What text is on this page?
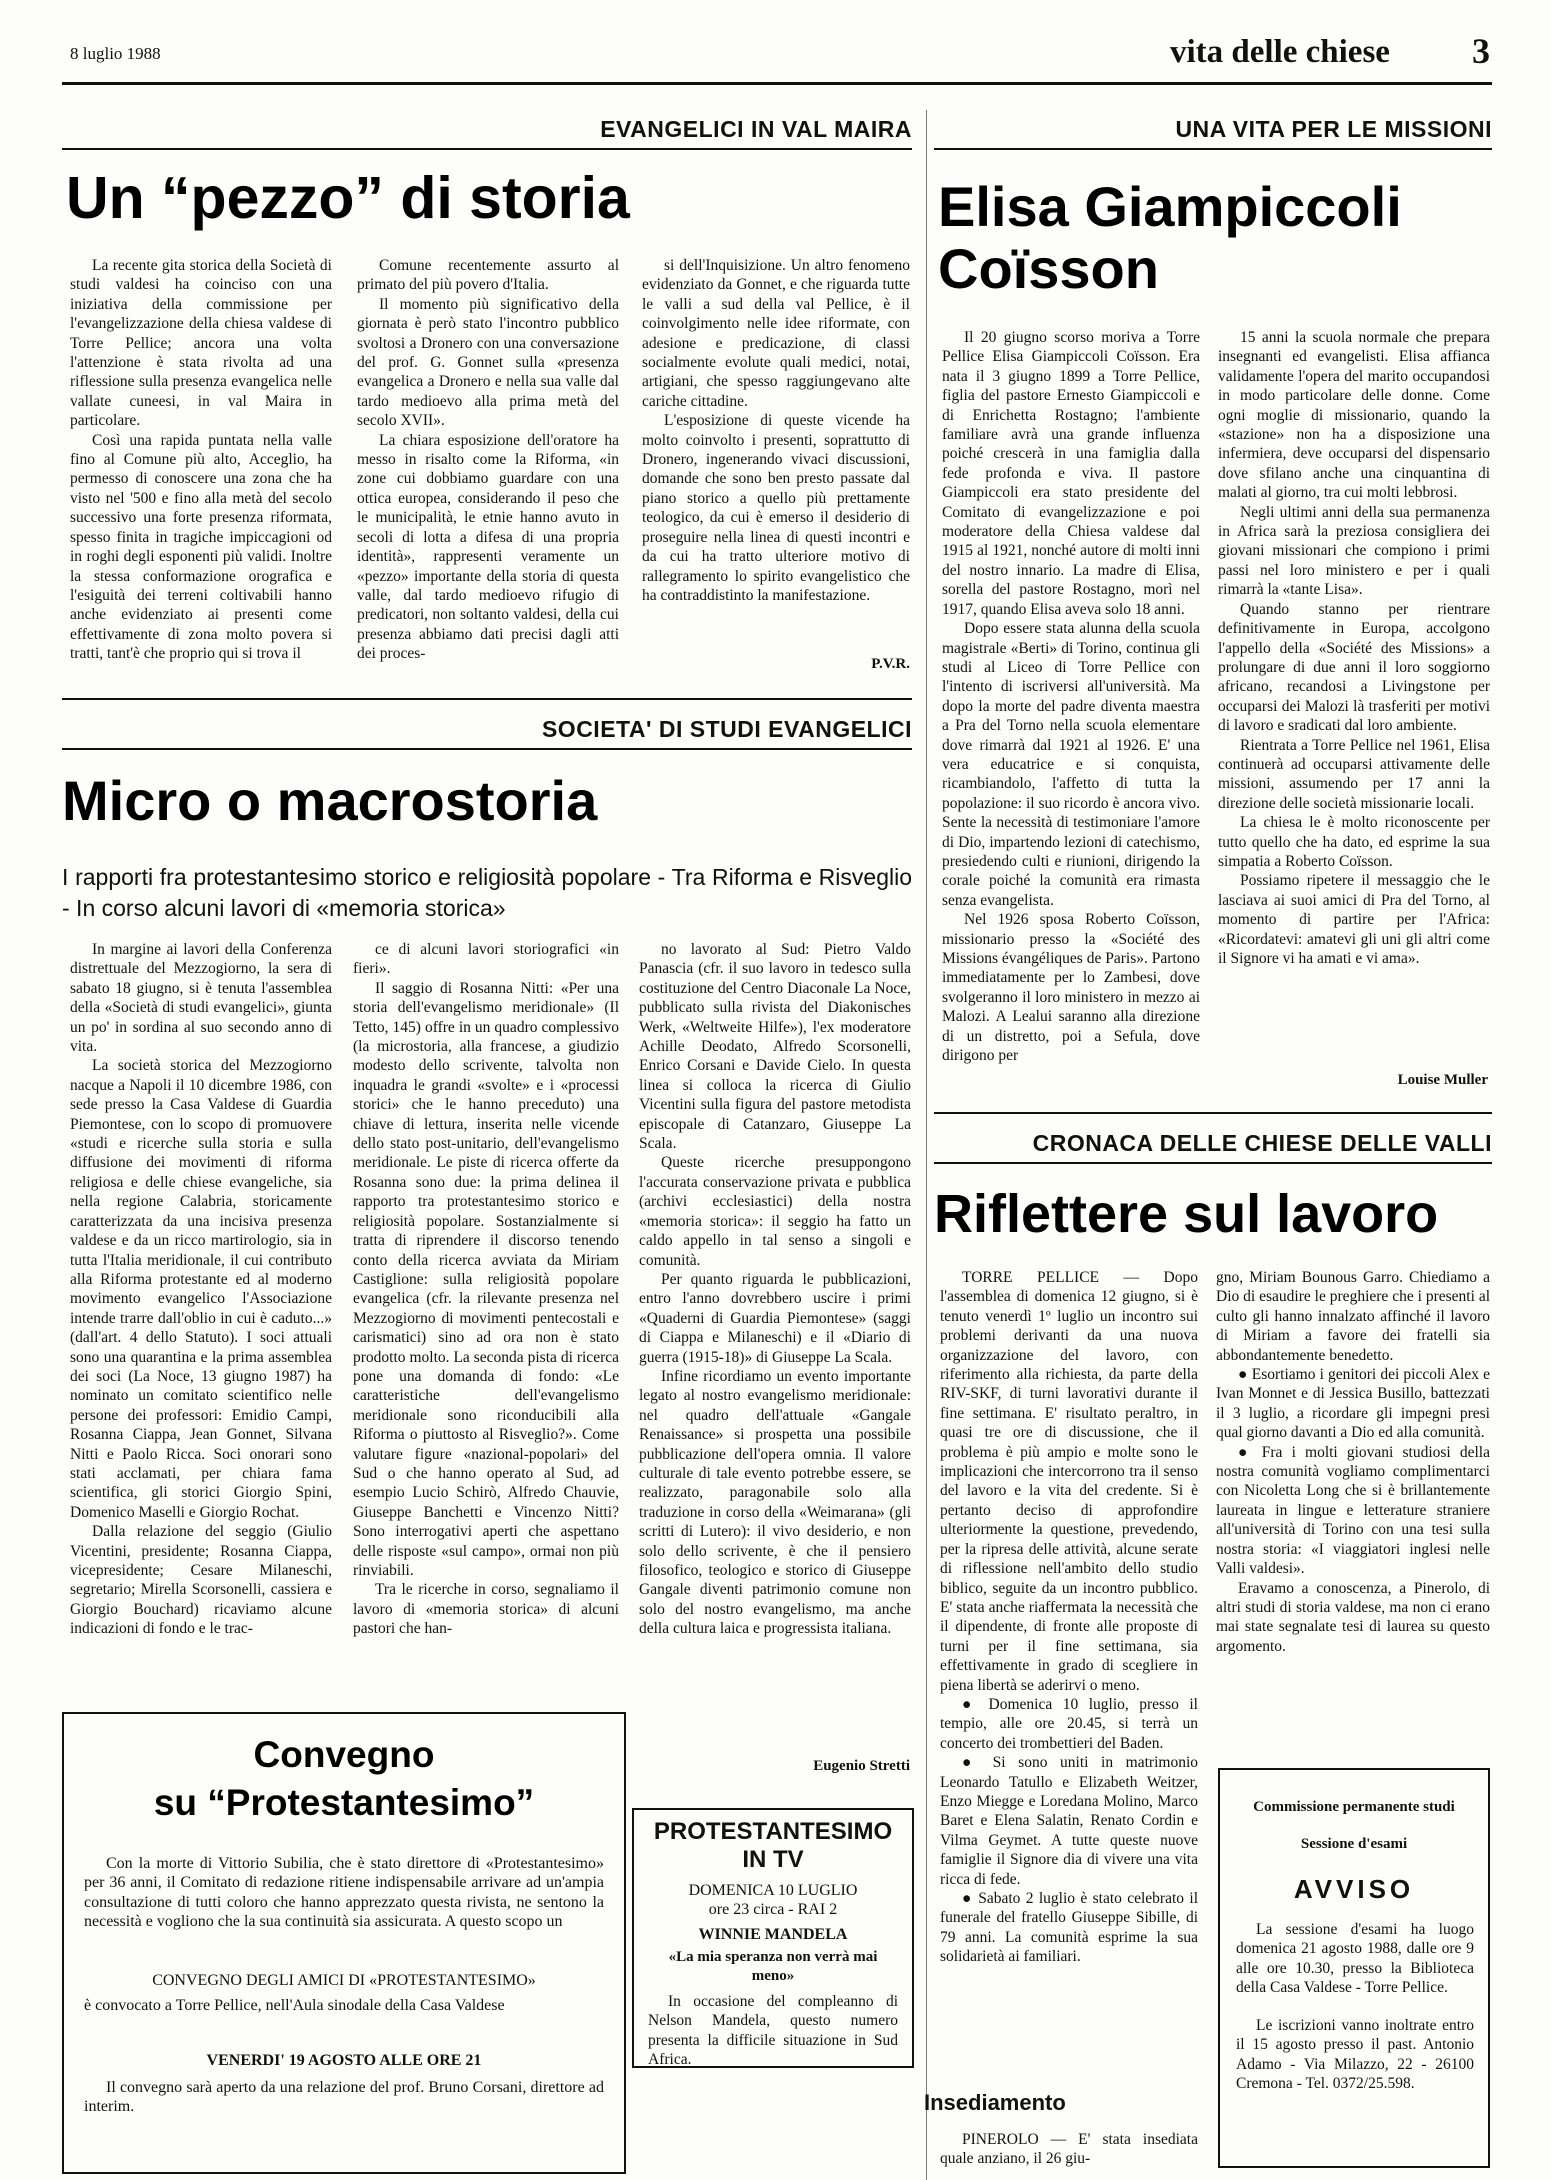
8 luglio 1988	vita delle chiese 3
EVANGELICI IN VAL MAIRA
Un “pezzo” di storia

La recente gita storica della Società di studi valdesi ha coinciso con una iniziativa della commissione per l'evangelizzazione della chiesa valdese di Torre Pellice; ancora una volta l'attenzione è stata rivolta ad una riflessione sulla presenza evangelica nelle vallate cuneesi, in val Maira in particolare.

Così una rapida puntata nella valle fino al Comune più alto, Acceglio, ha permesso di conoscere una zona che ha visto nel '500 e fino alla metà del secolo successivo una forte presenza riformata, spesso finita in tragiche impiccagioni od in roghi degli esponenti più validi. Inoltre la stessa conformazione orografica e l'esiguità dei terreni coltivabili hanno anche evidenziato ai presenti come effettivamente di zona molto povera si tratti, tant'è che proprio qui si trova il

Comune recentemente assurto al primato del più povero d'Italia.

Il momento più significativo della giornata è però stato l'incontro pubblico svoltosi a Dronero con una conversazione del prof. G. Gonnet sulla «presenza evangelica a Dronero e nella sua valle dal tardo medioevo alla prima metà del secolo XVII».

La chiara esposizione dell'oratore ha messo in risalto come la Riforma, «in zone cui dobbiamo guardare con una ottica europea, considerando il peso che le municipalità, le etnie hanno avuto in secoli di lotta a difesa di una propria identità», rappresenti veramente un «pezzo» importante della storia di questa valle, dal tardo medioevo rifugio di predicatori, non soltanto valdesi, della cui presenza abbiamo dati precisi dagli atti dei proces-

si dell'Inquisizione. Un altro fenomeno evidenziato da Gonnet, e che riguarda tutte le valli a sud della val Pellice, è il coinvolgimento nelle idee riformate, con adesione e predicazione, di classi socialmente evolute quali medici, notai, artigiani, che spesso raggiungevano alte cariche cittadine.

L'esposizione di queste vicende ha molto coinvolto i presenti, soprattutto di Dronero, ingenerando vivaci discussioni, domande che sono ben presto passate dal piano storico a quello più prettamente teologico, da cui è emerso il desiderio di proseguire nella linea di questi incontri e da cui ha tratto ulteriore motivo di rallegramento lo spirito evangelistico che ha contraddistinto la manifestazione.

P.V.R.
UNA VITA PER LE MISSIONI
Elisa Giampiccoli
Coïsson

Il 20 giugno scorso moriva a Torre Pellice Elisa Giampiccoli Coïsson. Era nata il 3 giugno 1899 a Torre Pellice, figlia del pastore Ernesto Giampiccoli e di Enrichetta Rostagno; l'ambiente familiare avrà una grande influenza poiché crescerà in una famiglia dalla fede profonda e viva. Il pastore Giampiccoli era stato presidente del Comitato di evangelizzazione e poi moderatore della Chiesa valdese dal 1915 al 1921, nonché autore di molti inni del nostro innario. La madre di Elisa, sorella del pastore Rostagno, morì nel 1917, quando Elisa aveva solo 18 anni.

Dopo essere stata alunna della scuola magistrale «Berti» di Torino, continua gli studi al Liceo di Torre Pellice con l'intento di iscriversi all'università. Ma dopo la morte del padre diventa maestra a Pra del Torno nella scuola elementare dove rimarrà dal 1921 al 1926. E' una vera educatrice e si conquista, ricambiandolo, l'affetto di tutta la popolazione: il suo ricordo è ancora vivo. Sente la necessità di testimoniare l'amore di Dio, impartendo lezioni di catechismo, presiedendo culti e riunioni, dirigendo la corale poiché la comunità era rimasta senza evangelista.

Nel 1926 sposa Roberto Coïsson, missionario presso la «Société des Missions évangéliques de Paris». Partono immediatamente per lo Zambesi, dove svolgeranno il loro ministero in mezzo ai Malozi. A Lealui saranno alla direzione di un distretto, poi a Sefula, dove dirigono per

15 anni la scuola normale che prepara insegnanti ed evangelisti. Elisa affianca validamente l'opera del marito occupandosi in modo particolare delle donne. Come ogni moglie di missionario, quando la «stazione» non ha a disposizione una infermiera, deve occuparsi del dispensario dove sfilano anche una cinquantina di malati al giorno, tra cui molti lebbrosi.

Negli ultimi anni della sua permanenza in Africa sarà la preziosa consigliera dei giovani missionari che compiono i primi passi nel loro ministero e per i quali rimarrà la «tante Lisa».

Quando stanno per rientrare definitivamente in Europa, accolgono l'appello della «Société des Missions» a prolungare di due anni il loro soggiorno africano, recandosi a Livingstone per occuparsi dei Malozi là trasferiti per motivi di lavoro e sradicati dal loro ambiente.

Rientrata a Torre Pellice nel 1961, Elisa continuerà ad occuparsi attivamente delle missioni, assumendo per 17 anni la direzione delle società missionarie locali.

La chiesa le è molto riconoscente per tutto quello che ha dato, ed esprime la sua simpatia a Roberto Coïsson.

Possiamo ripetere il messaggio che le lasciava ai suoi amici di Pra del Torno, al momento di partire per l'Africa: «Ricordatevi: amatevi gli uni gli altri come il Signore vi ha amati e vi ama».

Louise Muller
SOCIETA' DI STUDI EVANGELICI
Micro o macrostoria
I rapporti fra protestantesimo storico e religiosità popolare - Tra Riforma e Risveglio - In corso alcuni lavori di «memoria storica»

In margine ai lavori della Conferenza distrettuale del Mezzogiorno, la sera di sabato 18 giugno, si è tenuta l'assemblea della «Società di studi evangelici», giunta un po' in sordina al suo secondo anno di vita.

La società storica del Mezzogiorno nacque a Napoli il 10 dicembre 1986, con sede presso la Casa Valdese di Guardia Piemontese, con lo scopo di promuovere «studi e ricerche sulla storia e sulla diffusione dei movimenti di riforma religiosa e delle chiese evangeliche, sia nella regione Calabria, storicamente caratterizzata da una incisiva presenza valdese e da un ricco martirologio, sia in tutta l'Italia meridionale, il cui contributo alla Riforma protestante ed al moderno movimento evangelico l'Associazione intende trarre dall'oblio in cui è caduto...» (dall'art. 4 dello Statuto). I soci attuali sono una quarantina e la prima assemblea dei soci (La Noce, 13 giugno 1987) ha nominato un comitato scientifico nelle persone dei professori: Emidio Campi, Rosanna Ciappa, Jean Gonnet, Silvana Nitti e Paolo Ricca. Soci onorari sono stati acclamati, per chiara fama scientifica, gli storici Giorgio Spini, Domenico Maselli e Giorgio Rochat.

Dalla relazione del seggio (Giulio Vicentini, presidente; Rosanna Ciappa, vicepresidente; Cesare Milaneschi, segretario; Mirella Scorsonelli, cassiera e Giorgio Bouchard) ricaviamo alcune indicazioni di fondo e le trac-

ce di alcuni lavori storiografici «in fieri».

Il saggio di Rosanna Nitti: «Per una storia dell'evangelismo meridionale» (Il Tetto, 145) offre in un quadro complessivo (la microstoria, alla francese, a giudizio modesto dello scrivente, talvolta non inquadra le grandi «svolte» e i «processi storici» che le hanno preceduto) una chiave di lettura, inserita nelle vicende dello stato post-unitario, dell'evangelismo meridionale. Le piste di ricerca offerte da Rosanna sono due: la prima delinea il rapporto tra protestantesimo storico e religiosità popolare. Sostanzialmente si tratta di riprendere il discorso tenendo conto della ricerca avviata da Miriam Castiglione: sulla religiosità popolare evangelica (cfr. la rilevante presenza nel Mezzogiorno di movimenti pentecostali e carismatici) sino ad ora non è stato prodotto molto. La seconda pista di ricerca pone una domanda di fondo: «Le caratteristiche dell'evangelismo meridionale sono riconducibili alla Riforma o piuttosto al Risveglio?». Come valutare figure «nazional-popolari» del Sud o che hanno operato al Sud, ad esempio Lucio Schirò, Alfredo Chauvie, Giuseppe Banchetti e Vincenzo Nitti? Sono interrogativi aperti che aspettano delle risposte «sul campo», ormai non più rinviabili.

Tra le ricerche in corso, segnaliamo il lavoro di «memoria storica» di alcuni pastori che han-

no lavorato al Sud: Pietro Valdo Panascia (cfr. il suo lavoro in tedesco sulla costituzione del Centro Diaconale La Noce, pubblicato sulla rivista del Diakonisches Werk, «Weltweite Hilfe»), l'ex moderatore Achille Deodato, Alfredo Scorsonelli, Enrico Corsani e Davide Cielo. In questa linea si colloca la ricerca di Giulio Vicentini sulla figura del pastore metodista episcopale di Catanzaro, Giuseppe La Scala.

Queste ricerche presuppongono l'accurata conservazione privata e pubblica (archivi ecclesiastici) della nostra «memoria storica»: il seggio ha fatto un caldo appello in tal senso a singoli e comunità.

Per quanto riguarda le pubblicazioni, entro l'anno dovrebbero uscire i primi «Quaderni di Guardia Piemontese» (saggi di Ciappa e Milaneschi) e il «Diario di guerra (1915-18)» di Giuseppe La Scala.

Infine ricordiamo un evento importante legato al nostro evangelismo meridionale: nel quadro dell'attuale «Gangale Renaissance» si prospetta una possibile pubblicazione dell'opera omnia. Il valore culturale di tale evento potrebbe essere, se realizzato, paragonabile solo alla traduzione in corso della «Weimarana» (gli scritti di Lutero): il vivo desiderio, e non solo dello scrivente, è che il pensiero filosofico, teologico e storico di Giuseppe Gangale diventi patrimonio comune non solo del nostro evangelismo, ma anche della cultura laica e progressista italiana.

Eugenio Stretti
Convegno
su “Protestantesimo”
Con la morte di Vittorio Subilia, che è stato direttore di «Protestantesimo» per 36 anni, il Comitato di redazione ritiene indispensabile arrivare ad un'ampia consultazione di tutti coloro che hanno apprezzato questa rivista, ne sentono la necessità e vogliono che la sua continuità sia assicurata. A questo scopo un
CONVEGNO DEGLI AMICI DI «PROTESTANTESIMO»
è convocato a Torre Pellice, nell'Aula sinodale della Casa Valdese
VENERDI' 19 AGOSTO ALLE ORE 21
Il convegno sarà aperto da una relazione del prof. Bruno Corsani, direttore ad interim.
PROTESTANTESIMO
IN TV
DOMENICA 10 LUGLIO
ore 23 circa - RAI 2
WINNIE MANDELA
«La mia speranza non verrà mai meno»
In occasione del compleanno di Nelson Mandela, questo numero presenta la difficile situazione in Sud Africa.
CRONACA DELLE CHIESE DELLE VALLI
Riflettere sul lavoro

TORRE PELLICE — Dopo l'assemblea di domenica 12 giugno, si è tenuto venerdì 1º luglio un incontro sui problemi derivanti da una nuova organizzazione del lavoro, con riferimento alla richiesta, da parte della RIV-SKF, di turni lavorativi durante il fine settimana. E' risultato peraltro, in quasi tre ore di discussione, che il problema è più ampio e molte sono le implicazioni che intercorrono tra il senso del lavoro e la vita del credente. Si è pertanto deciso di approfondire ulteriormente la questione, prevedendo, per la ripresa delle attività, alcune serate di riflessione nell'ambito dello studio biblico, seguite da un incontro pubblico. E' stata anche riaffermata la necessità che il dipendente, di fronte alle proposte di turni per il fine settimana, sia effettivamente in grado di scegliere in piena libertà se aderirvi o meno.

● Domenica 10 luglio, presso il tempio, alle ore 20.45, si terrà un concerto dei trombettieri del Baden.

● Si sono uniti in matrimonio Leonardo Tatullo e Elizabeth Weitzer, Enzo Miegge e Loredana Molino, Marco Baret e Elena Salatin, Renato Cordin e Vilma Geymet. A tutte queste nuove famiglie il Signore dia di vivere una vita ricca di fede.

● Sabato 2 luglio è stato celebrato il funerale del fratello Giuseppe Sibille, di 79 anni. La comunità esprime la sua solidarietà ai familiari.

Insediamento

PINEROLO — E' stata insediata quale anziano, il 26 giu-

gno, Miriam Bounous Garro. Chiediamo a Dio di esaudire le preghiere che i presenti al culto gli hanno innalzato affinché il lavoro di Miriam a favore dei fratelli sia abbondantemente benedetto.

● Esortiamo i genitori dei piccoli Alex e Ivan Monnet e di Jessica Busillo, battezzati il 3 luglio, a ricordare gli impegni presi qual giorno davanti a Dio ed alla comunità.

● Fra i molti giovani studiosi della nostra comunità vogliamo complimentarci con Nicoletta Long che si è brillantemente laureata in lingue e letterature straniere all'università di Torino con una tesi sulla nostra storia: «I viaggiatori inglesi nelle Valli valdesi».

Eravamo a conoscenza, a Pinerolo, di altri studi di storia valdese, ma non ci erano mai state segnalate tesi di laurea su questo argomento.

Commissione permanente studi
Sessione d'esami
AVVISO
La sessione d'esami ha luogo domenica 21 agosto 1988, dalle ore 9 alle ore 10.30, presso la Biblioteca della Casa Valdese - Torre Pellice.
Le iscrizioni vanno inoltrate entro il 15 agosto presso il past. Antonio Adamo - Via Milazzo, 22 - 26100 Cremona - Tel. 0372/25.598.
